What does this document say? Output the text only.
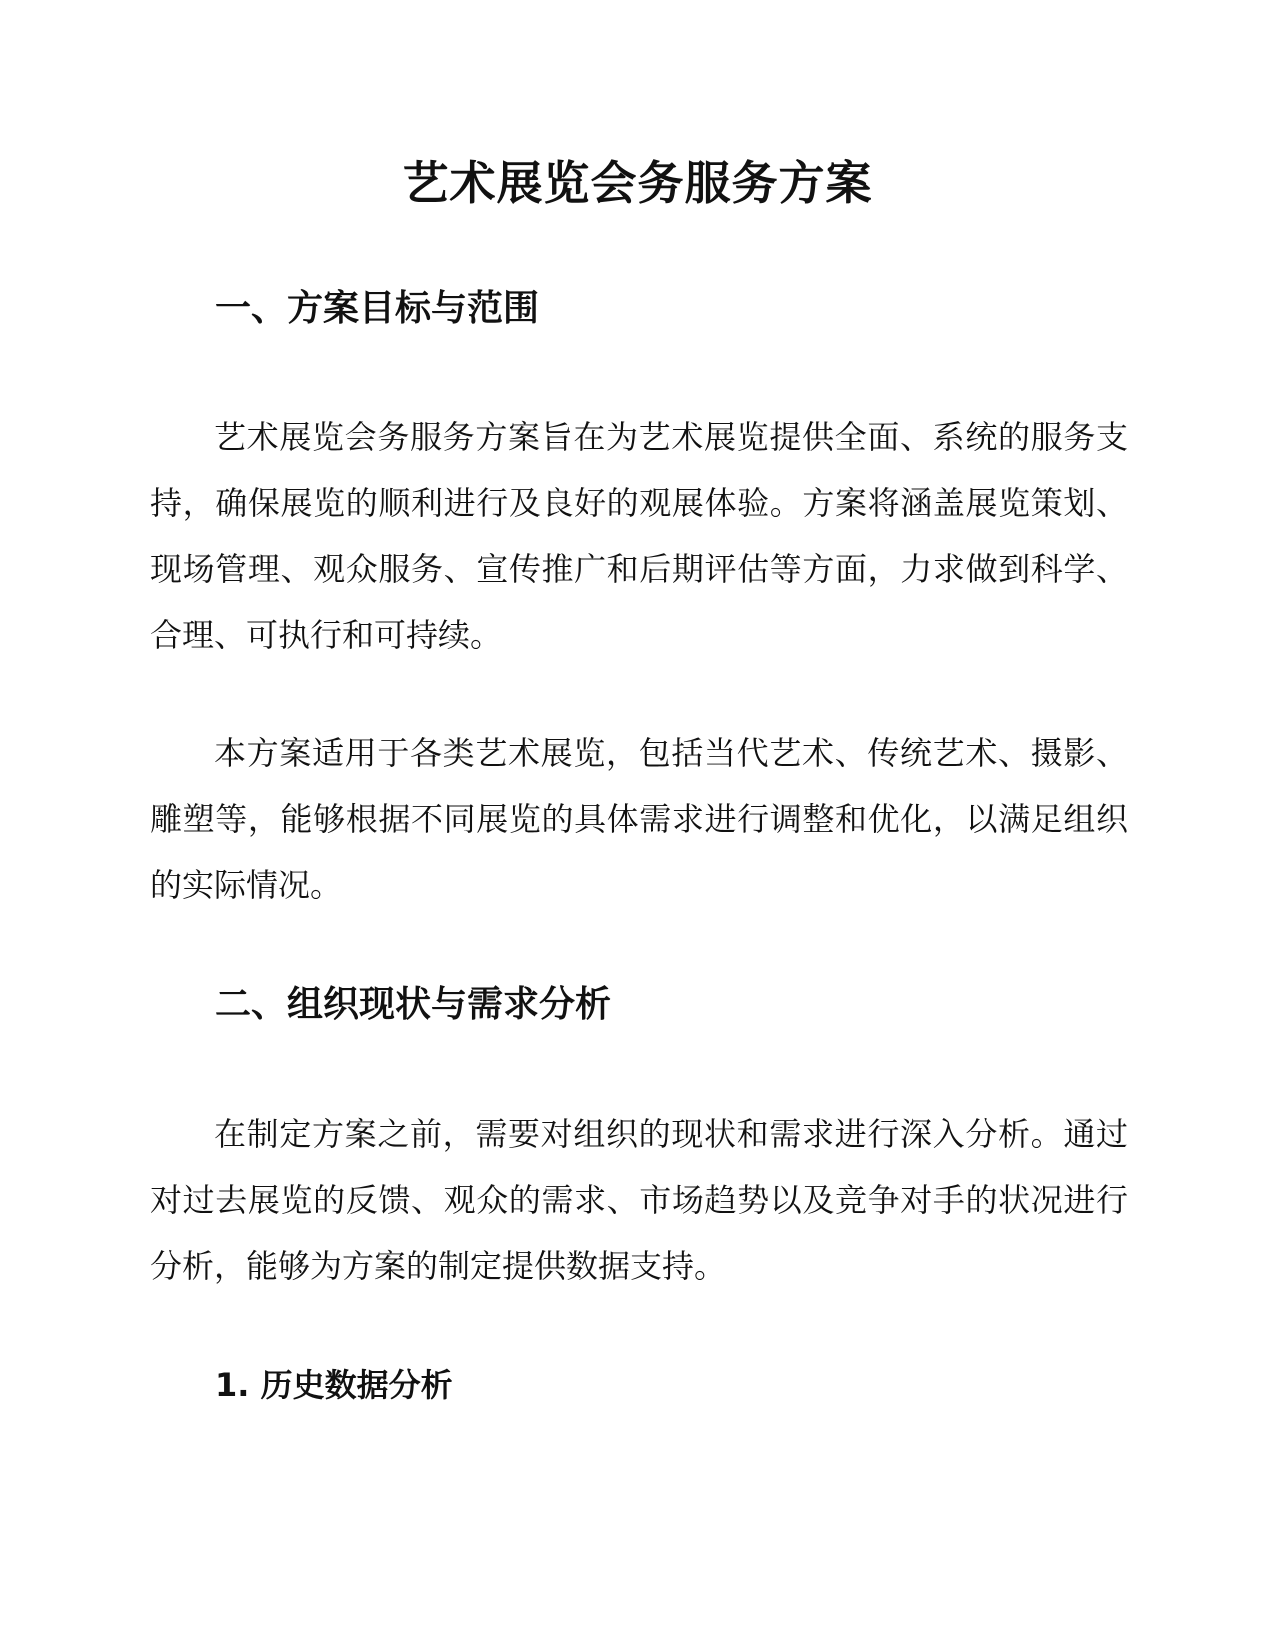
艺术展览会务服务方案
一、方案目标与范围

艺术展览会务服务方案旨在为艺术展览提供全面、系统的服务支持，确保展览的顺利进行及良好的观展体验。方案将涵盖展览策划、现场管理、观众服务、宣传推广和后期评估等方面，力求做到科学、合理、可执行和可持续。

本方案适用于各类艺术展览，包括当代艺术、传统艺术、摄影、雕塑等，能够根据不同展览的具体需求进行调整和优化，以满足组织的实际情况。

二、组织现状与需求分析

在制定方案之前，需要对组织的现状和需求进行深入分析。通过对过去展览的反馈、观众的需求、市场趋势以及竞争对手的状况进行分析，能够为方案的制定提供数据支持。

1. 历史数据分析
